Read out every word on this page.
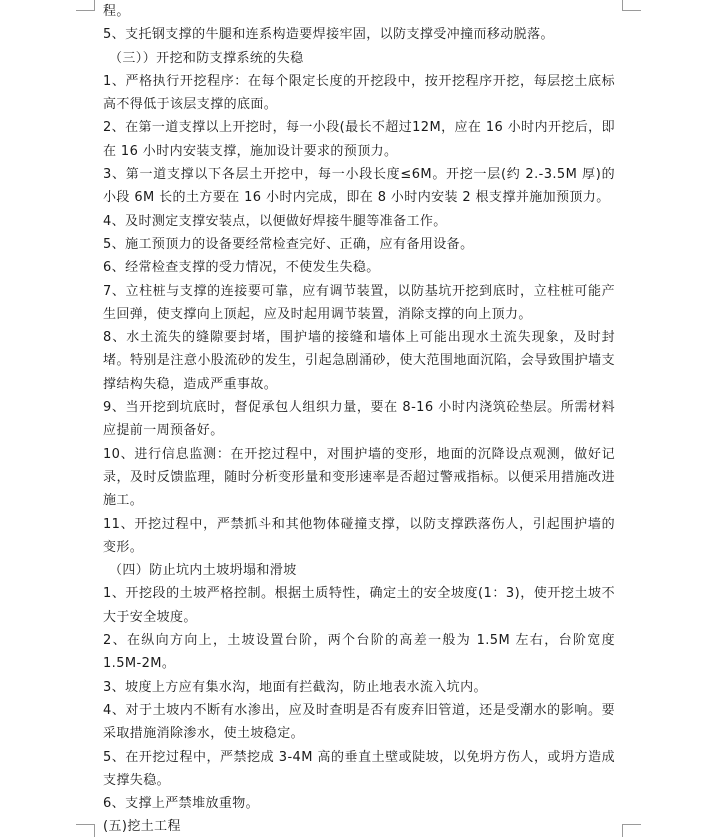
程。

5、支托钢支撑的牛腿和连系构造要焊接牢固，以防支撑受冲撞而移动脱落。

（三））开挖和防支撑系统的失稳

1、严格执行开挖程序：在每个限定长度的开挖段中，按开挖程序开挖，每层挖土底标高不得低于该层支撑的底面。

2、在第一道支撑以上开挖时，每一小段(最长不超过12M，应在 16 小时内开挖后，即在 16 小时内安装支撑，施加设计要求的预顶力。

3、第一道支撑以下各层土开挖中，每一小段长度≤6M。开挖一层(约 2.-3.5M 厚)的小段 6M 长的土方要在 16 小时内完成，即在 8 小时内安装 2 根支撑并施加预顶力。

4、及时测定支撑安装点，以便做好焊接牛腿等准备工作。

5、施工预顶力的设备要经常检查完好、正确，应有备用设备。

6、经常检查支撑的受力情况，不使发生失稳。

7、立柱桩与支撑的连接要可靠，应有调节装置，以防基坑开挖到底时，立柱桩可能产生回弹，使支撑向上顶起，应及时起用调节装置，消除支撑的向上顶力。

8、水土流失的缝隙要封堵，围护墙的接缝和墙体上可能出现水土流失现象，及时封堵。特别是注意小股流砂的发生，引起急剧涌砂，使大范围地面沉陷，会导致围护墙支撑结构失稳，造成严重事故。

9、当开挖到坑底时，督促承包人组织力量，要在 8-16 小时内浇筑砼垫层。所需材料应提前一周预备好。

10、进行信息监测：在开挖过程中，对围护墙的变形，地面的沉降设点观测，做好记录，及时反馈监理，随时分析变形量和变形速率是否超过警戒指标。以便采用措施改进施工。

11、开挖过程中，严禁抓斗和其他物体碰撞支撑，以防支撑跌落伤人，引起围护墙的变形。

（四）防止坑内土坡坍塌和滑坡

1、开挖段的土坡严格控制。根据土质特性，确定土的安全坡度(1：3)，使开挖土坡不大于安全坡度。

2、在纵向方向上，土坡设置台阶，两个台阶的高差一般为 1.5M 左右，台阶宽度 1.5M-2M。

3、坡度上方应有集水沟，地面有拦截沟，防止地表水流入坑内。

4、对于土坡内不断有水渗出，应及时查明是否有废弃旧管道，还是受潮水的影响。要采取措施消除渗水，使土坡稳定。

5、在开挖过程中，严禁挖成 3-4M 高的垂直土壁或陡坡，以免坍方伤人，或坍方造成支撑失稳。

6、支撑上严禁堆放重物。

(五)挖土工程
